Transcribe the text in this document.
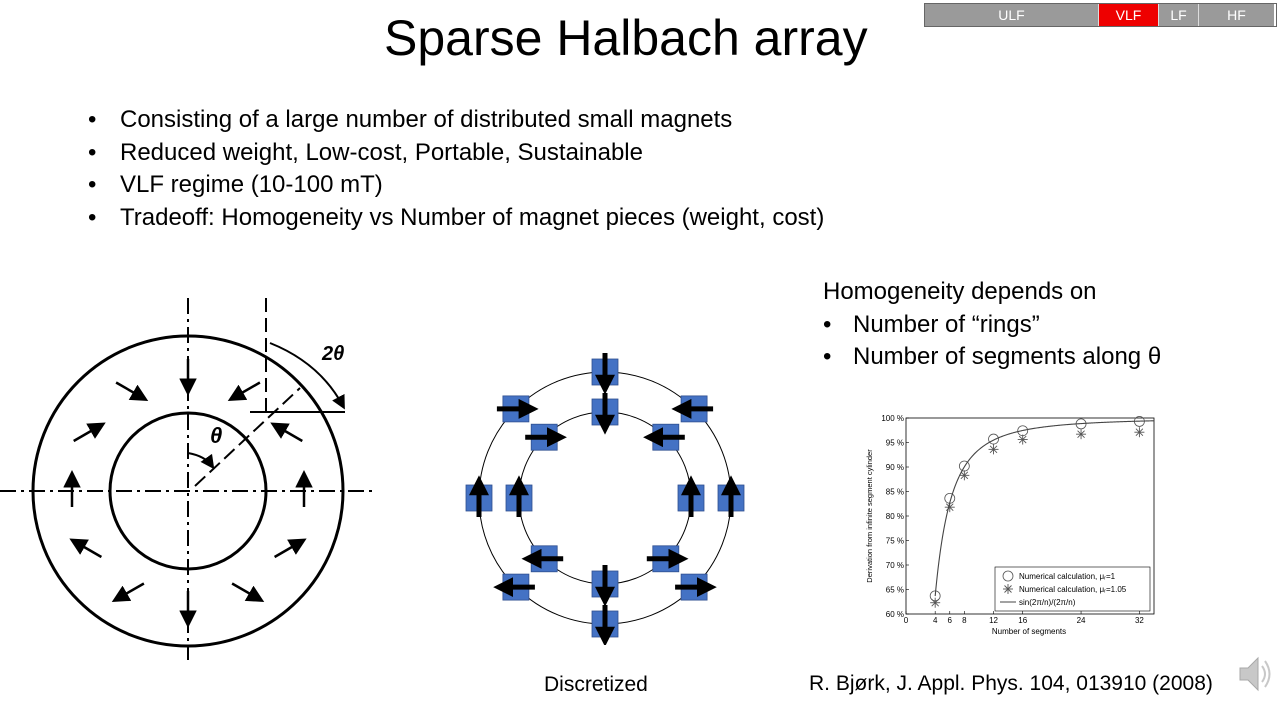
Sparse Halbach array	ULF	VLF	LF	HF
• Consisting of a large number of distributed small magnets
• Reduced weight, Low-cost, Portable, Sustainable
• VLF regime (10-100 mT)
• Tradeoff: Homogeneity vs Number of magnet pieces (weight, cost)
2θ
θ
Homogeneity depends on
• Number of “rings”
• Number of segments along θ
60 %
65 %
70 %
75 %
80 %
85 %
90 %
95 %
100 %
0	4 6 8	12	16	24	32
Number of segments
Derivation from infinite segment cylinder	Numerical calculation, μᵣ=1
Numerical calculation, μᵣ=1.05
sin(2π/n)/(2π/n)
Discretized	R. Bjørk, J. Appl. Phys. 104, 013910 (2008)
